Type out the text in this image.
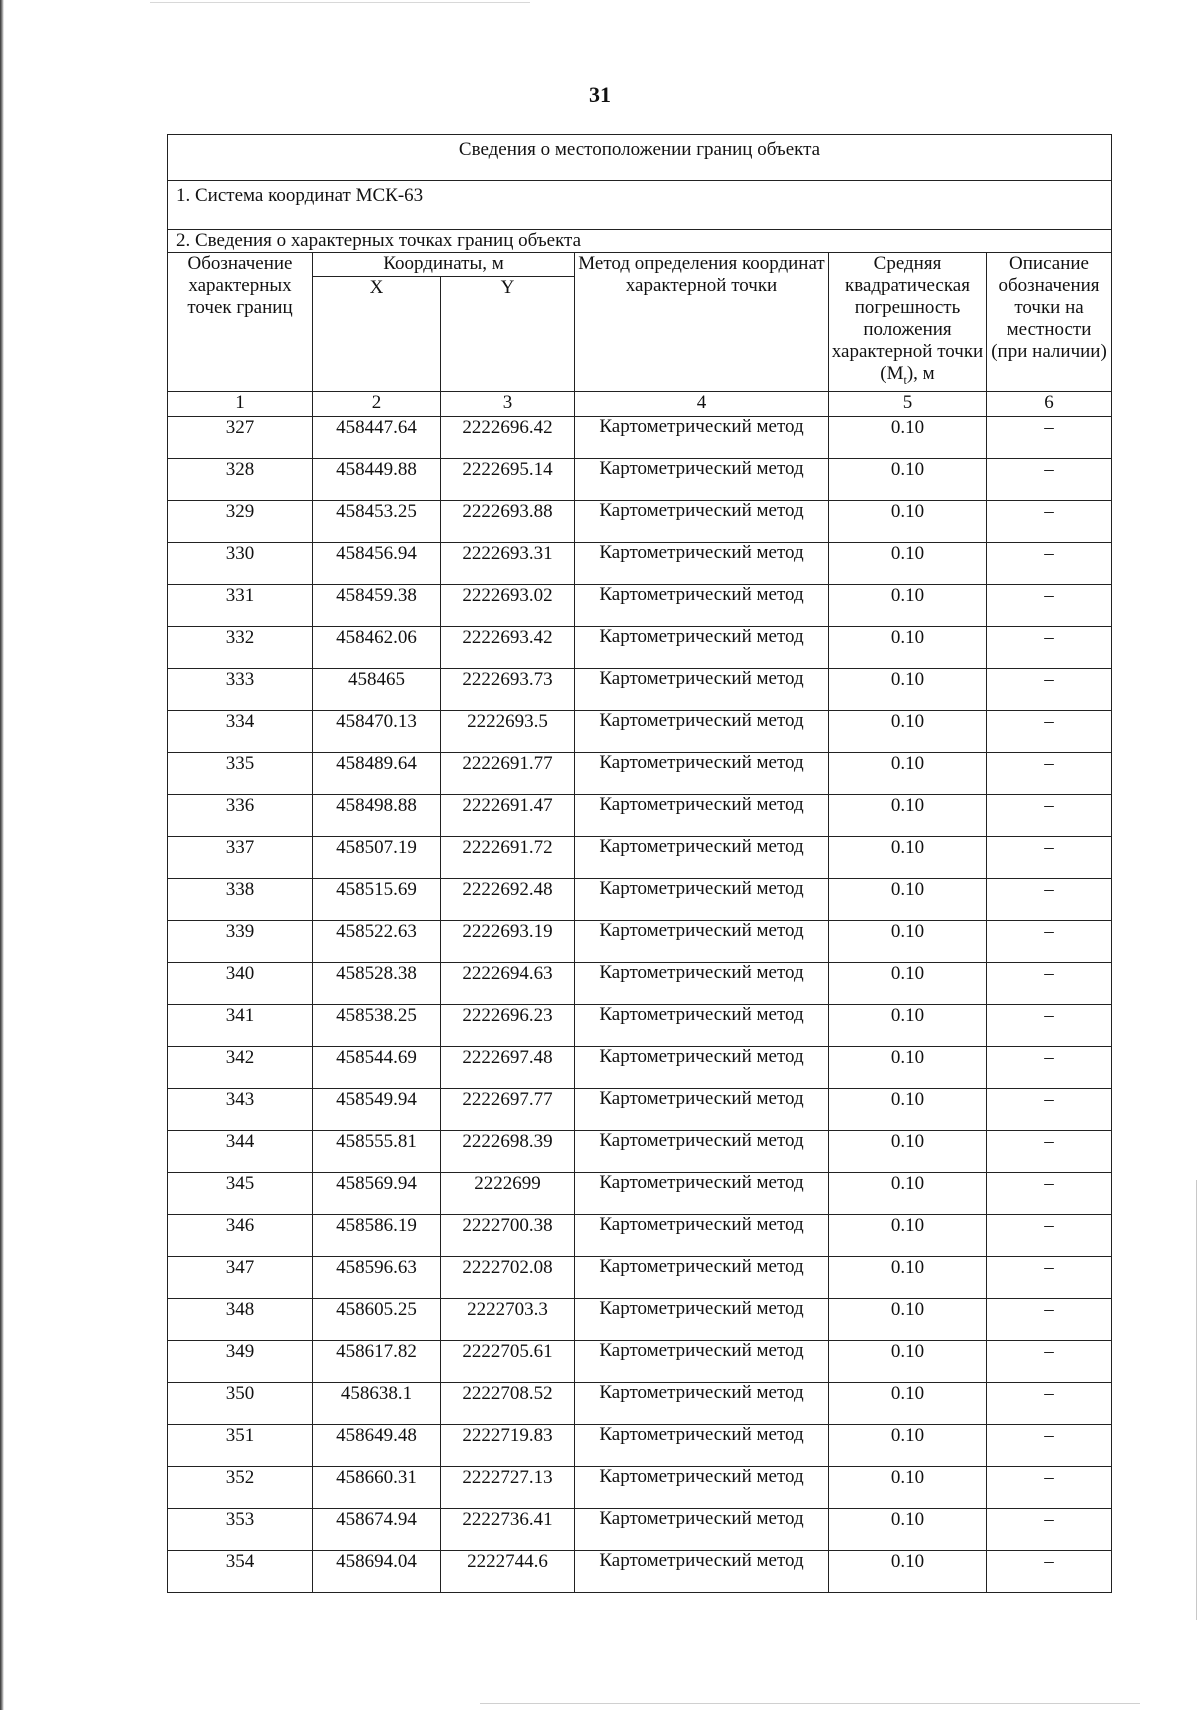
31
Сведения о местоположении границ объекта					
1. Система координат МСК-63					
2. Сведения о характерных точках границ объекта					
Обозначение характерных точек границ	Координаты, м		Метод определения координат характерной точки	Средняя квадратическая погрешность положения характерной точки $(M_t)$, м	Описание обозначения точки на местности (при наличии)
	X	Y			
1	2	3	4	5	6
327	458447.64	2222696.42	Картометрический метод	0.10	–
328	458449.88	2222695.14	Картометрический метод	0.10	–
329	458453.25	2222693.88	Картометрический метод	0.10	–
330	458456.94	2222693.31	Картометрический метод	0.10	–
331	458459.38	2222693.02	Картометрический метод	0.10	–
332	458462.06	2222693.42	Картометрический метод	0.10	–
333	458465	2222693.73	Картометрический метод	0.10	–
334	458470.13	2222693.5	Картометрический метод	0.10	–
335	458489.64	2222691.77	Картометрический метод	0.10	–
336	458498.88	2222691.47	Картометрический метод	0.10	–
337	458507.19	2222691.72	Картометрический метод	0.10	–
338	458515.69	2222692.48	Картометрический метод	0.10	–
339	458522.63	2222693.19	Картометрический метод	0.10	–
340	458528.38	2222694.63	Картометрический метод	0.10	–
341	458538.25	2222696.23	Картометрический метод	0.10	–
342	458544.69	2222697.48	Картометрический метод	0.10	–
343	458549.94	2222697.77	Картометрический метод	0.10	–
344	458555.81	2222698.39	Картометрический метод	0.10	–
345	458569.94	2222699	Картометрический метод	0.10	–
346	458586.19	2222700.38	Картометрический метод	0.10	–
347	458596.63	2222702.08	Картометрический метод	0.10	–
348	458605.25	2222703.3	Картометрический метод	0.10	–
349	458617.82	2222705.61	Картометрический метод	0.10	–
350	458638.1	2222708.52	Картометрический метод	0.10	–
351	458649.48	2222719.83	Картометрический метод	0.10	–
352	458660.31	2222727.13	Картометрический метод	0.10	–
353	458674.94	2222736.41	Картометрический метод	0.10	–
354	458694.04	2222744.6	Картометрический метод	0.10	–
